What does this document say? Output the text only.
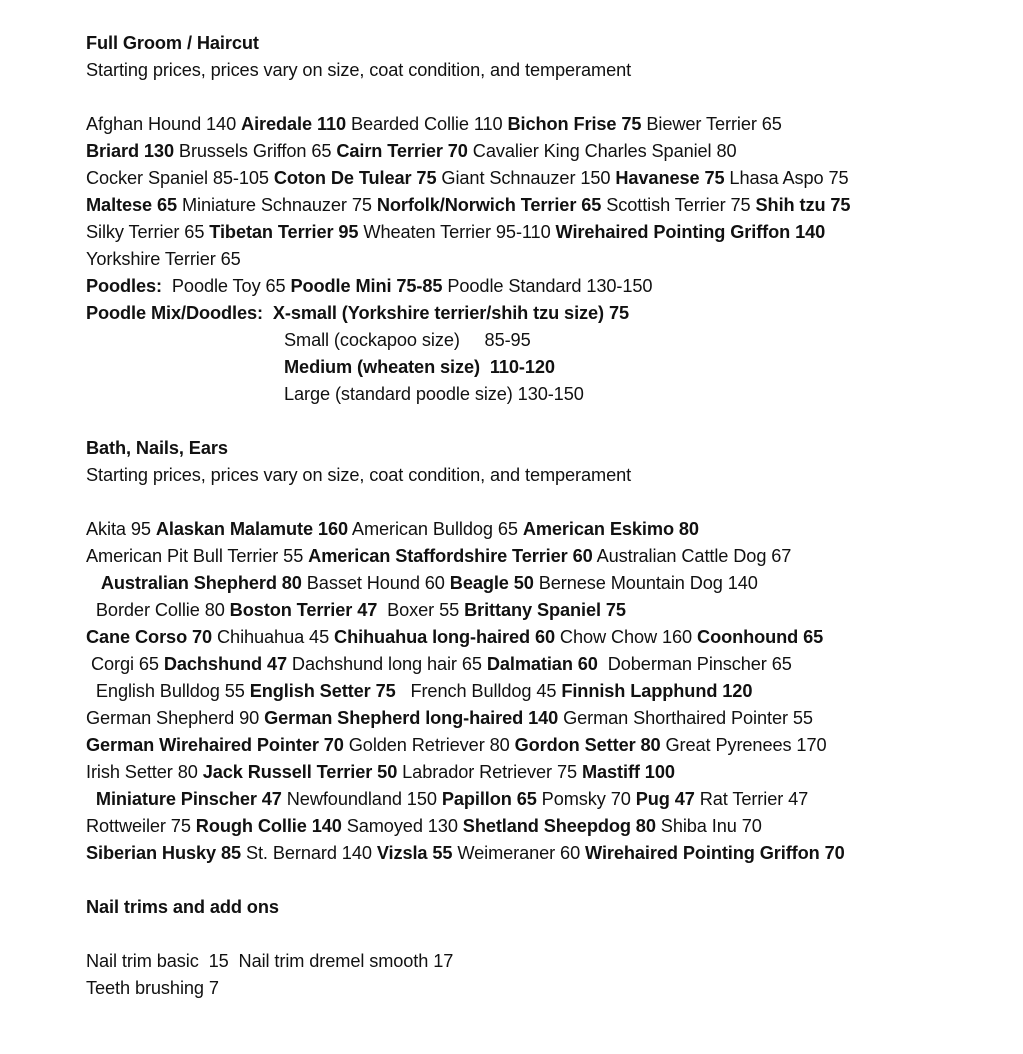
Full Groom / Haircut
Starting prices, prices vary on size, coat condition, and temperament
Afghan Hound 140 Airedale 110 Bearded Collie 110 Bichon Frise 75 Biewer Terrier 65
Briard 130 Brussels Griffon 65 Cairn Terrier 70 Cavalier King Charles Spaniel 80
Cocker Spaniel 85-105 Coton De Tulear 75 Giant Schnauzer 150 Havanese 75 Lhasa Aspo 75
Maltese 65 Miniature Schnauzer 75 Norfolk/Norwich Terrier 65 Scottish Terrier 75 Shih tzu 75
Silky Terrier 65 Tibetan Terrier 95 Wheaten Terrier 95-110 Wirehaired Pointing Griffon 140
Yorkshire Terrier 65
Poodles:  Poodle Toy 65 Poodle Mini 75-85 Poodle Standard 130-150
Poodle Mix/Doodles:  X-small (Yorkshire terrier/shih tzu size) 75
Small (cockapoo size)     85-95
Medium (wheaten size)  110-120
Large (standard poodle size) 130-150
Bath, Nails, Ears
Starting prices, prices vary on size, coat condition, and temperament
Akita 95 Alaskan Malamute 160 American Bulldog 65 American Eskimo 80
American Pit Bull Terrier 55 American Staffordshire Terrier 60 Australian Cattle Dog 67
Australian Shepherd 80 Basset Hound 60 Beagle 50 Bernese Mountain Dog 140
Border Collie 80 Boston Terrier 47  Boxer 55 Brittany Spaniel 75
Cane Corso 70 Chihuahua 45 Chihuahua long-haired 60 Chow Chow 160 Coonhound 65
Corgi 65 Dachshund 47 Dachshund long hair 65 Dalmatian 60  Doberman Pinscher 65
English Bulldog 55 English Setter 75   French Bulldog 45 Finnish Lapphund 120
German Shepherd 90 German Shepherd long-haired 140 German Shorthaired Pointer 55
German Wirehaired Pointer 70 Golden Retriever 80 Gordon Setter 80 Great Pyrenees 170
Irish Setter 80 Jack Russell Terrier 50 Labrador Retriever 75 Mastiff 100
Miniature Pinscher 47 Newfoundland 150 Papillon 65 Pomsky 70 Pug 47 Rat Terrier 47
Rottweiler 75 Rough Collie 140 Samoyed 130 Shetland Sheepdog 80 Shiba Inu 70
Siberian Husky 85 St. Bernard 140 Vizsla 55 Weimeraner 60 Wirehaired Pointing Griffon 70
Nail trims and add ons
Nail trim basic  15  Nail trim dremel smooth 17
Teeth brushing 7
